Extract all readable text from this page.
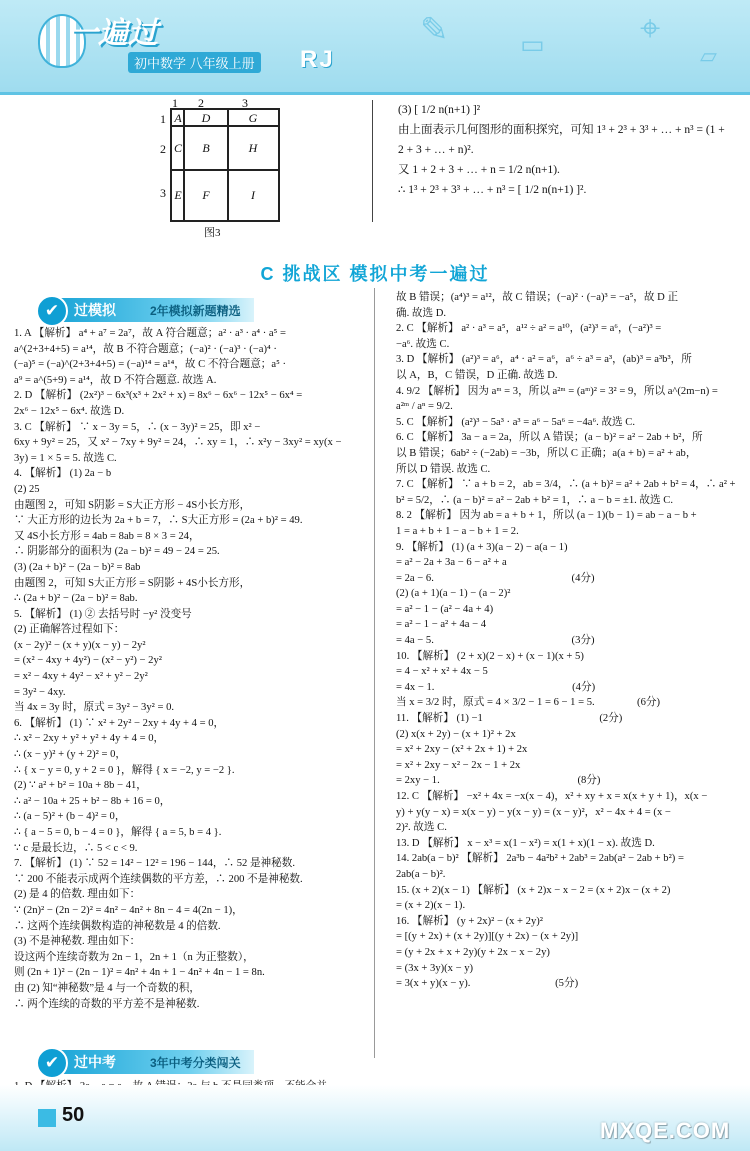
一遍过
初中数学 八年级上册 RJ
✎	▭	⌖
▱
1 2	3
1
2
3
A	D	G
C	B	H
E	F	I
图3
(3) [ 1/2 n(n+1) ]²
由上面表示几何图形的面积探究，可知 1³ + 2³ + 3³ + … + n³ = (1 +
2 + 3 + … + n)².
又 1 + 2 + 3 + … + n = 1/2 n(n+1).
∴ 1³ + 2³ + 3³ + … + n³ = [ 1/2 n(n+1) ]².
C 挑战区 模拟中考一遍过
✔	过模拟	2年模拟新题精选
1. A 【解析】 a⁴ + a⁷ = 2a⁷，故 A 符合题意；a² · a³ · a⁴ · a⁵ =
a^(2+3+4+5) = a¹⁴，故 B 不符合题意；(−a)² · (−a)³ · (−a)⁴ ·
(−a)⁵ = (−a)^(2+3+4+5) = (−a)¹⁴ = a¹⁴，故 C 不符合题意；a⁵ ·
a⁹ = a^(5+9) = a¹⁴，故 D 不符合题意. 故选 A.
2. D 【解析】 (2x²)³ − 6x³(x³ + 2x² + x) = 8x⁶ − 6x⁶ − 12x⁵ − 6x⁴ =
2x⁶ − 12x⁵ − 6x⁴. 故选 D.
3. C 【解析】 ∵ x − 3y = 5，∴ (x − 3y)² = 25，即 x² −
6xy + 9y² = 25，又 x² − 7xy + 9y² = 24，∴ xy = 1，∴ x²y − 3xy² = xy(x −
3y) = 1 × 5 = 5. 故选 C.
4. 【解析】 (1) 2a − b
(2) 25
由题图 2，可知 S阴影 = S大正方形 − 4S小长方形，
∵ 大正方形的边长为 2a + b = 7，∴ S大正方形 = (2a + b)² = 49.
又 4S小长方形 = 4ab = 8ab = 8 × 3 = 24，
∴ 阴影部分的面积为 (2a − b)² = 49 − 24 = 25.
(3) (2a + b)² − (2a − b)² = 8ab
由题图 2，可知 S大正方形 = S阴影 + 4S小长方形，
∴ (2a + b)² − (2a − b)² = 8ab.
5. 【解析】 (1) ② 去括号时 −y² 没变号
(2) 正确解答过程如下：
(x − 2y)² − (x + y)(x − y) − 2y²
= (x² − 4xy + 4y²) − (x² − y²) − 2y²
= x² − 4xy + 4y² − x² + y² − 2y²
= 3y² − 4xy.
当 4x = 3y 时，原式 = 3y² − 3y² = 0.
6. 【解析】 (1) ∵ x² + 2y² − 2xy + 4y + 4 = 0，
∴ x² − 2xy + y² + y² + 4y + 4 = 0，
∴ (x − y)² + (y + 2)² = 0，
∴ { x − y = 0, y + 2 = 0 }，解得 { x = −2, y = −2 }.
(2) ∵ a² + b² = 10a + 8b − 41，
∴ a² − 10a + 25 + b² − 8b + 16 = 0，
∴ (a − 5)² + (b − 4)² = 0，
∴ { a − 5 = 0, b − 4 = 0 }，解得 { a = 5, b = 4 }.
∵ c 是最长边，∴ 5 < c < 9.
7. 【解析】 (1) ∵ 52 = 14² − 12² = 196 − 144，∴ 52 是神秘数.
∵ 200 不能表示成两个连续偶数的平方差，∴ 200 不是神秘数.
(2) 是 4 的倍数. 理由如下：
∵ (2n)² − (2n − 2)² = 4n² − 4n² + 8n − 4 = 4(2n − 1)，
∴ 这两个连续偶数构造的神秘数是 4 的倍数.
(3) 不是神秘数. 理由如下：
设这两个连续奇数为 2n − 1，2n + 1（n 为正整数），
则 (2n + 1)² − (2n − 1)² = 4n² + 4n + 1 − 4n² + 4n − 1 = 8n.
由 (2) 知“神秘数”是 4 与一个奇数的积，
∴ 两个连续的奇数的平方差不是神秘数.
✔	过中考	3年中考分类闯关
故 B 错误；(a⁴)³ = a¹²，故 C 错误；(−a)² · (−a)³ = −a⁵，故 D 正
确. 故选 D.
2. C 【解析】 a² · a³ = a⁵，a¹² ÷ a² = a¹⁰，(a²)³ = a⁶，(−a²)³ =
−a⁶. 故选 C.
3. D 【解析】 (a²)³ = a⁶，a⁴ · a² = a⁶，a⁶ ÷ a³ = a³，(ab)³ = a³b³，所
以 A，B，C 错误，D 正确. 故选 D.
4. 9/2 【解析】 因为 aᵐ = 3，所以 a²ᵐ = (aᵐ)² = 3² = 9，所以 a^(2m−n) =
a²ᵐ / aⁿ = 9/2.
5. C 【解析】 (a²)³ − 5a³ · a³ = a⁶ − 5a⁶ = −4a⁶. 故选 C.
6. C 【解析】 3a − a = 2a，所以 A 错误；(a − b)² = a² − 2ab + b²，所
以 B 错误；6ab² ÷ (−2ab) = −3b，所以 C 正确；a(a + b) = a² + ab，
所以 D 错误. 故选 C.
7. C 【解析】 ∵ a + b = 2，ab = 3/4，∴ (a + b)² = a² + 2ab + b² = 4，∴ a² +
b² = 5/2，∴ (a − b)² = a² − 2ab + b² = 1，∴ a − b = ±1. 故选 C.
8. 2 【解析】 因为 ab = a + b + 1，所以 (a − 1)(b − 1) = ab − a − b +
1 = a + b + 1 − a − b + 1 = 2.
9. 【解析】 (1) (a + 3)(a − 2) − a(a − 1)
= a² − 2a + 3a − 6 − a² + a
= 2a − 6.　　　　　　　　　　　　　(4分)
(2) (a + 1)(a − 1) − (a − 2)²
= a² − 1 − (a² − 4a + 4)
= a² − 1 − a² + 4a − 4
= 4a − 5.　　　　　　　　　　　　　(3分)
10. 【解析】 (2 + x)(2 − x) + (x − 1)(x + 5)
= 4 − x² + x² + 4x − 5
= 4x − 1.　　　　　　　　　　　　　(4分)
当 x = 3/2 时，原式 = 4 × 3/2 − 1 = 6 − 1 = 5.　　　　(6分)
11. 【解析】 (1) −1　　　　　　　　　　　(2分)
(2) x(x + 2y) − (x + 1)² + 2x
= x² + 2xy − (x² + 2x + 1) + 2x
= x² + 2xy − x² − 2x − 1 + 2x
= 2xy − 1.　　　　　　　　　　　　　(8分)
12. C 【解析】 −x² + 4x = −x(x − 4)，x² + xy + x = x(x + y + 1)，x(x −
y) + y(y − x) = x(x − y) − y(x − y) = (x − y)²，x² − 4x + 4 = (x −
2)². 故选 C.
13. D 【解析】 x − x³ = x(1 − x²) = x(1 + x)(1 − x). 故选 D.
14. 2ab(a − b)² 【解析】 2a³b − 4a²b² + 2ab³ = 2ab(a² − 2ab + b²) =
2ab(a − b)².
15. (x + 2)(x − 1) 【解析】 (x + 2)x − x − 2 = (x + 2)x − (x + 2)
= (x + 2)(x − 1).
16. 【解析】 (y + 2x)² − (x + 2y)²
= [(y + 2x) + (x + 2y)][(y + 2x) − (x + 2y)]
= (y + 2x + x + 2y)(y + 2x − x − 2y)
= (3x + 3y)(x − y)
= 3(x + y)(x − y).　　　　　　　　(5分)
50
MXQE.COM
